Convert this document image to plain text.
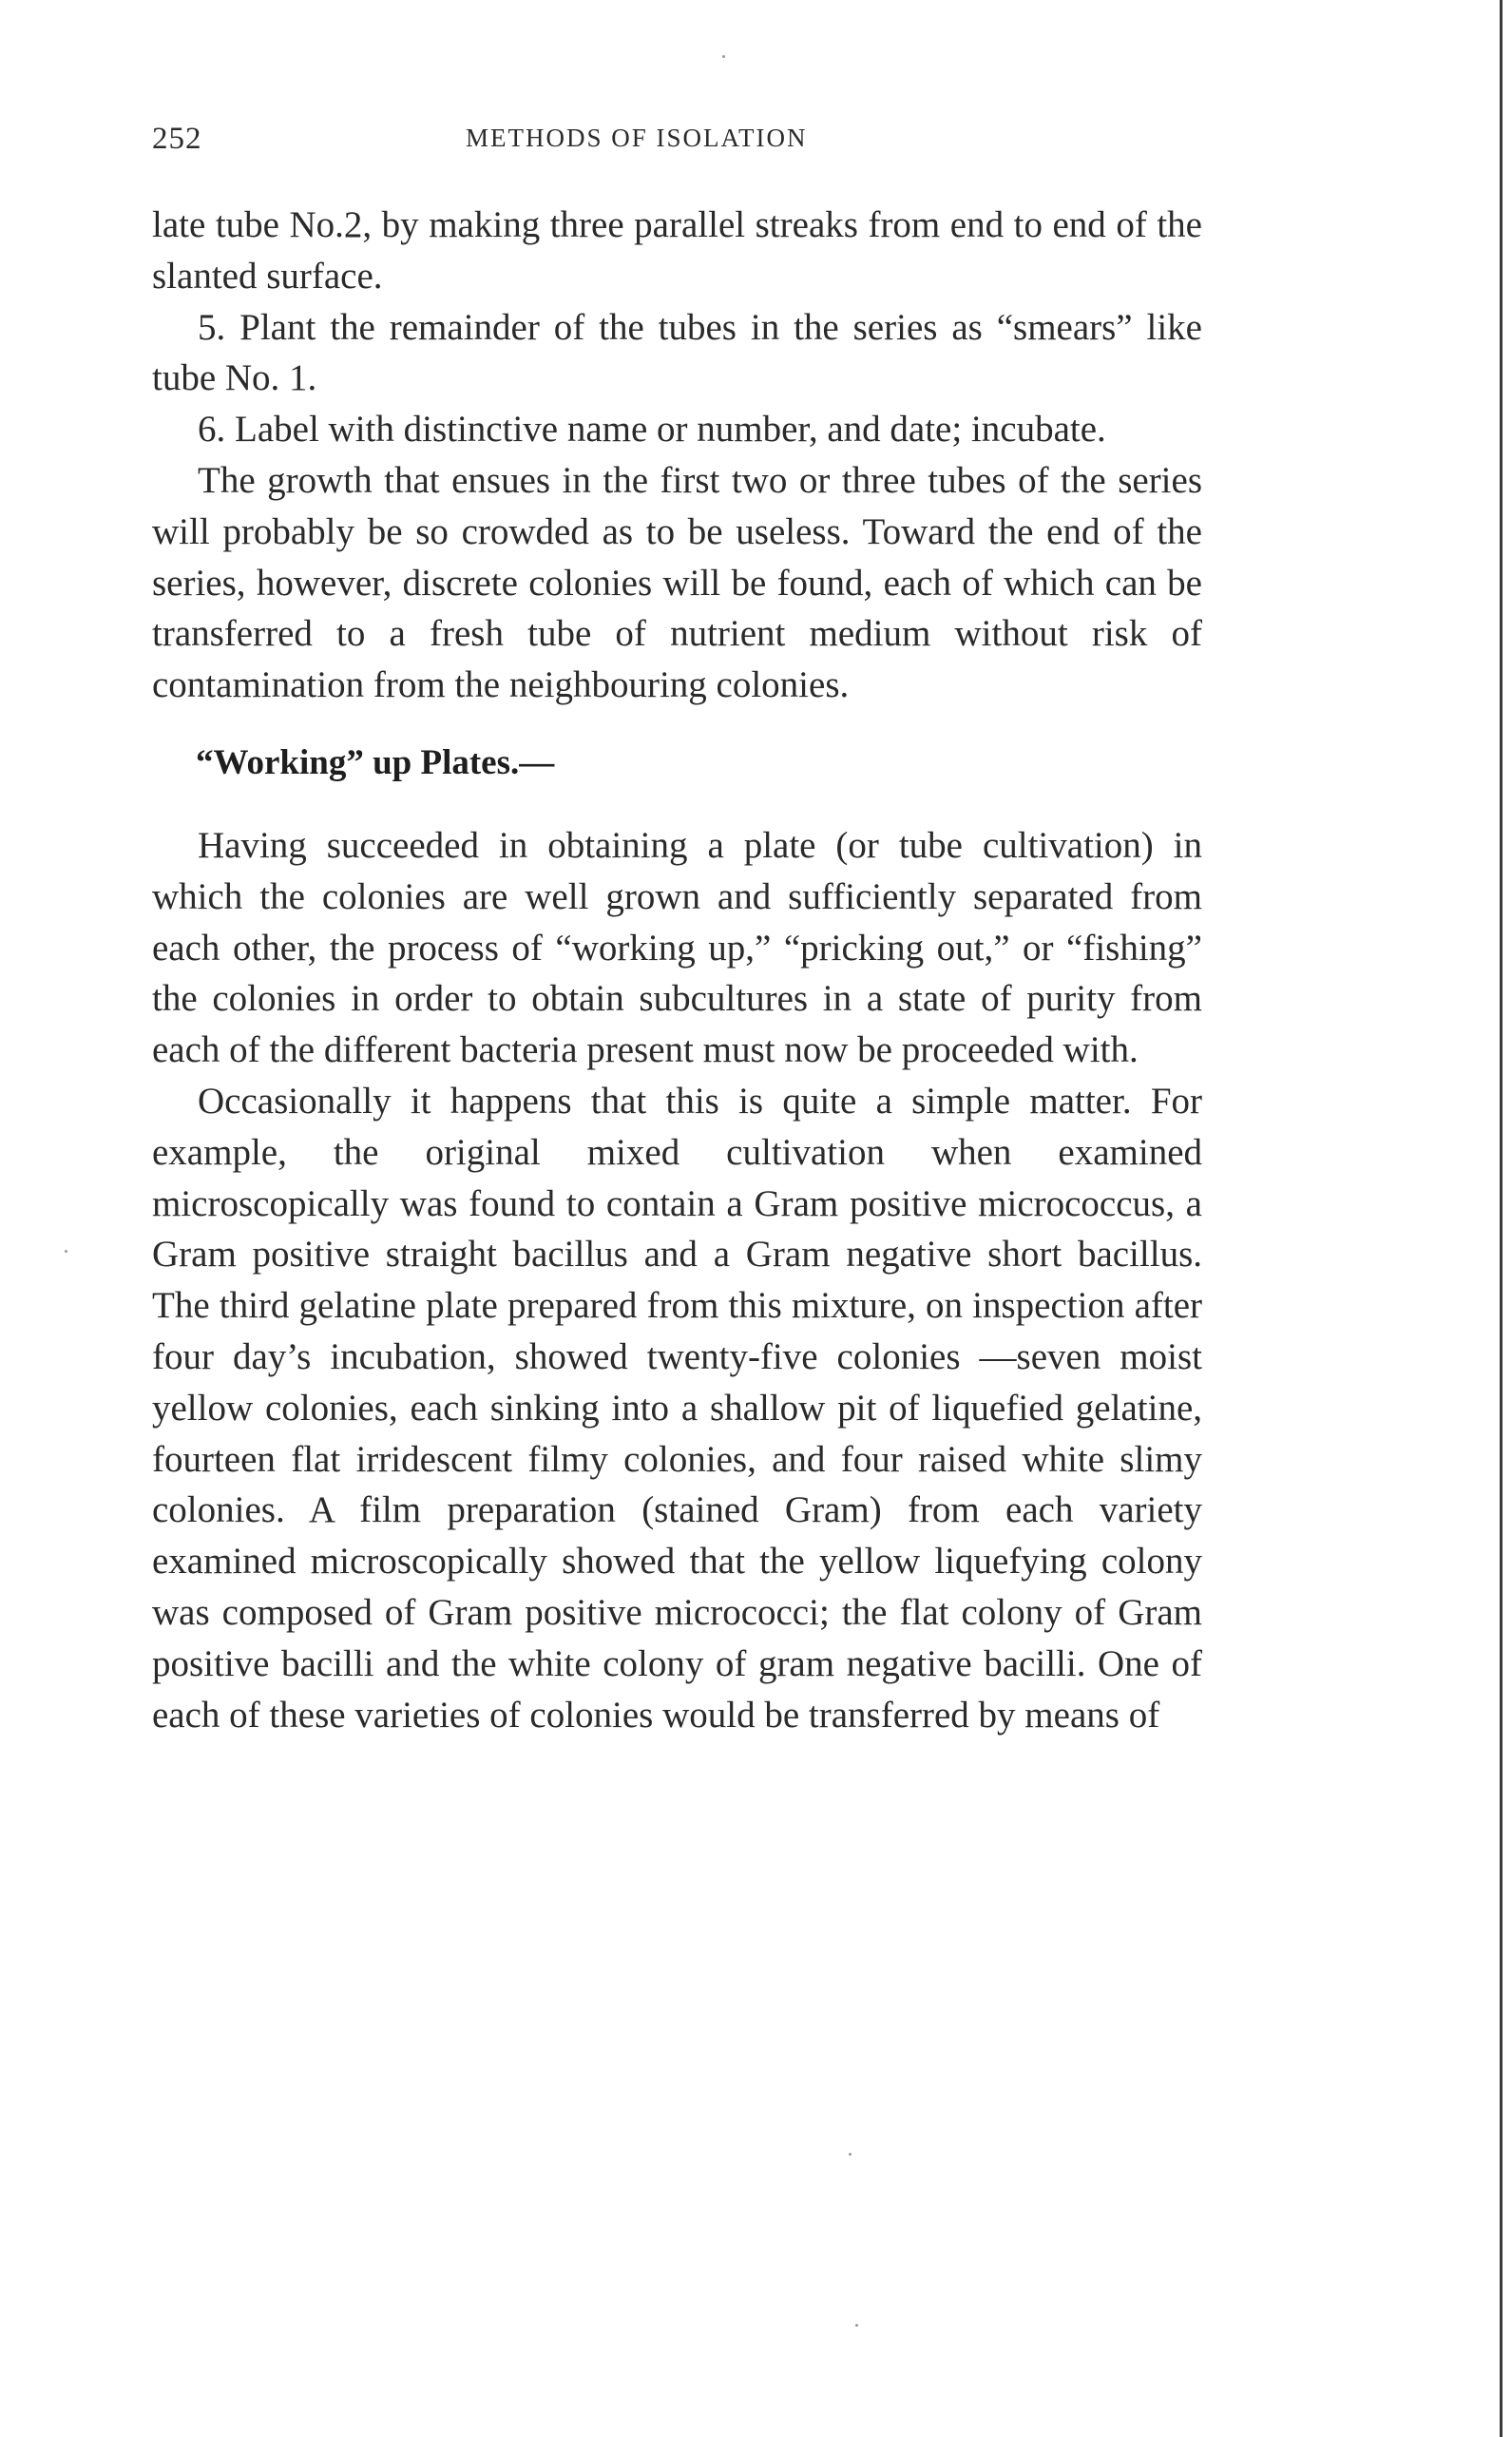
252	METHODS OF ISOLATION

late tube No.2, by making three parallel streaks from end to end of the slanted surface.

5. Plant the remainder of the tubes in the series as “smears” like tube No. 1.

6. Label with distinctive name or number, and date; incubate.

The growth that ensues in the first two or three tubes of the series will probably be so crowded as to be useless. Toward the end of the series, however, discrete colonies will be found, each of which can be transferred to a fresh tube of nutrient medium without risk of contamination from the neighbouring colonies.

“Working” up Plates.—

Having succeeded in obtaining a plate (or tube cultivation) in which the colonies are well grown and sufficiently separated from each other, the process of “working up,” “pricking out,” or “fishing” the colonies in order to obtain subcultures in a state of purity from each of the different bacteria present must now be proceeded with.

Occasionally it happens that this is quite a simple matter. For example, the original mixed cultivation when examined microscopically was found to contain a Gram positive micrococcus, a Gram positive straight bacillus and a Gram negative short bacillus. The third gelatine plate prepared from this mixture, on inspection after four day’s incubation, showed twenty-five colonies —seven moist yellow colonies, each sinking into a shallow pit of liquefied gelatine, fourteen flat irridescent filmy colonies, and four raised white slimy colonies. A film preparation (stained Gram) from each variety examined microscopically showed that the yellow liquefying colony was composed of Gram positive micrococci; the flat colony of Gram positive bacilli and the white colony of gram negative bacilli. One of each of these varieties of colonies would be transferred by means of
